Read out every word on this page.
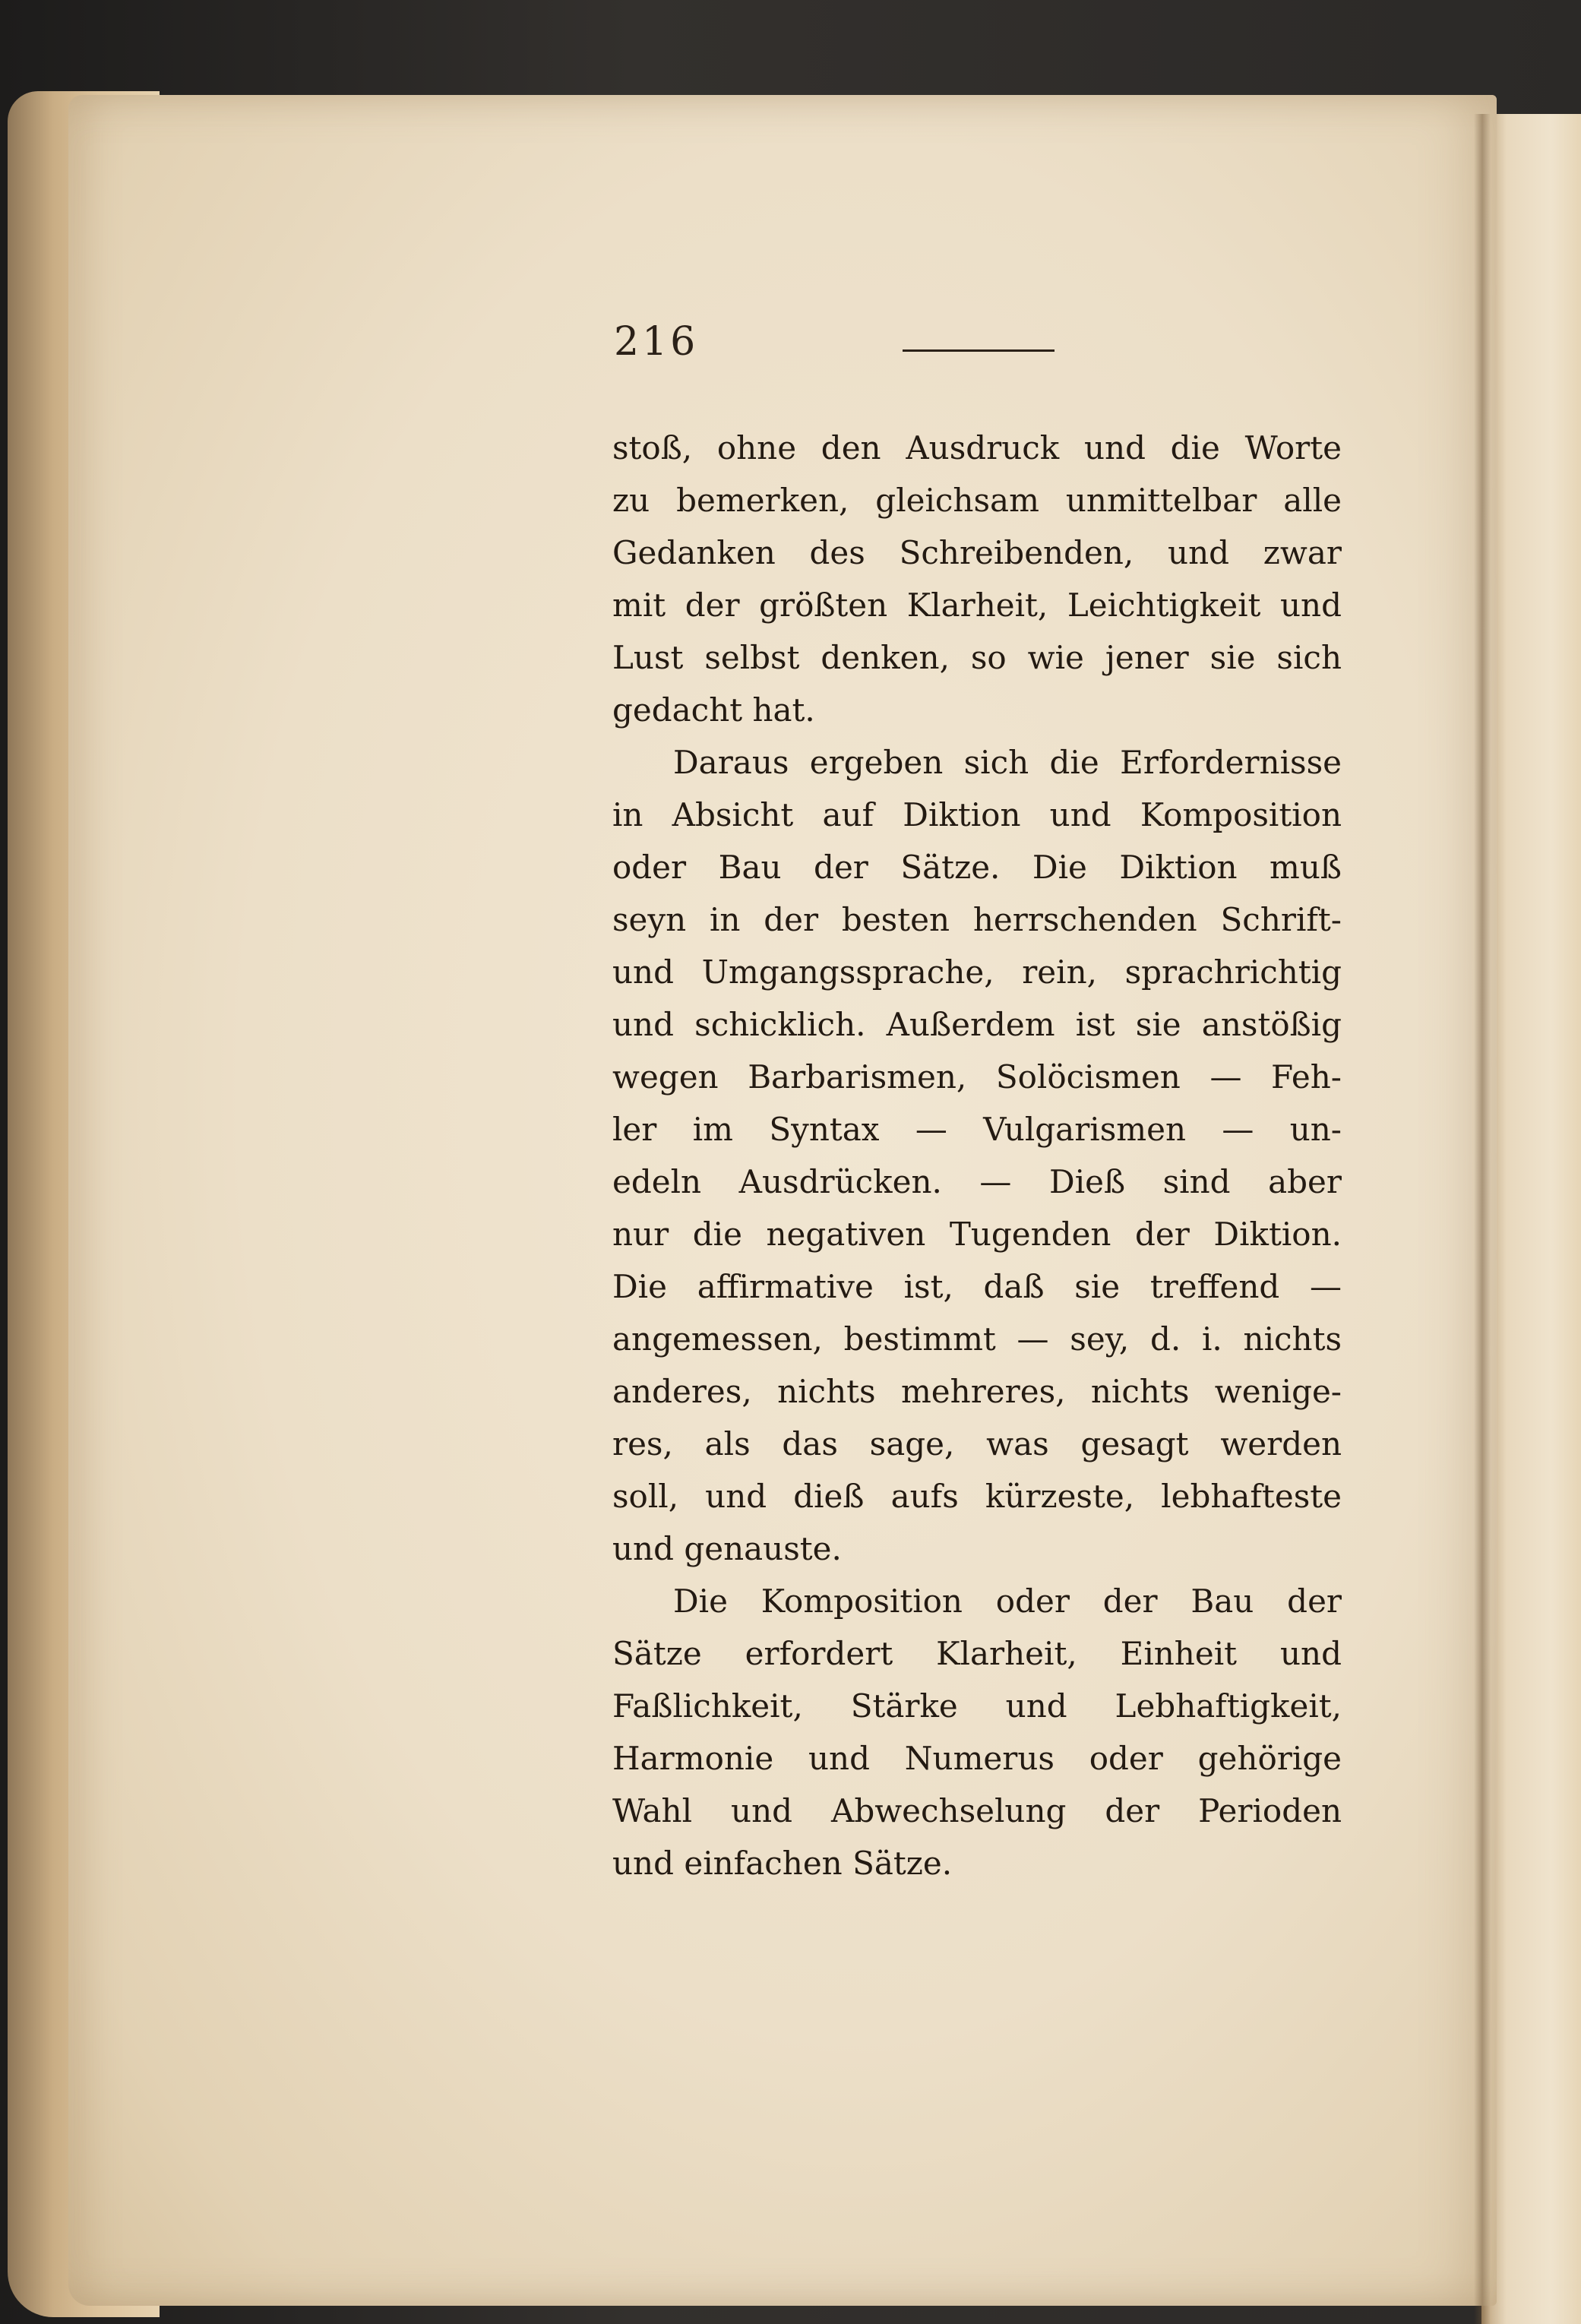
216
stoß, ohne den Ausdruck und die Worte
zu bemerken, gleichsam unmittelbar alle
Gedanken des Schreibenden, und zwar
mit der größten Klarheit, Leichtigkeit und
Lust selbst denken, so wie jener sie sich
gedacht hat.
Daraus ergeben sich die Erfordernisse
in Absicht auf Diktion und Komposition
oder Bau der Sätze. Die Diktion muß
seyn in der besten herrschenden Schrift-
und Umgangssprache, rein, sprachrichtig
und schicklich. Außerdem ist sie anstößig
wegen Barbarismen, Solöcismen — Feh-
ler im Syntax — Vulgarismen — un-
edeln Ausdrücken. — Dieß sind aber
nur die negativen Tugenden der Diktion.
Die affirmative ist, daß sie treffend —
angemessen, bestimmt — sey, d. i. nichts
anderes, nichts mehreres, nichts wenige-
res, als das sage, was gesagt werden
soll, und dieß aufs kürzeste, lebhafteste
und genauste.
Die Komposition oder der Bau der
Sätze erfordert Klarheit, Einheit und
Faßlichkeit, Stärke und Lebhaftigkeit,
Harmonie und Numerus oder gehörige
Wahl und Abwechselung der Perioden
und einfachen Sätze.
